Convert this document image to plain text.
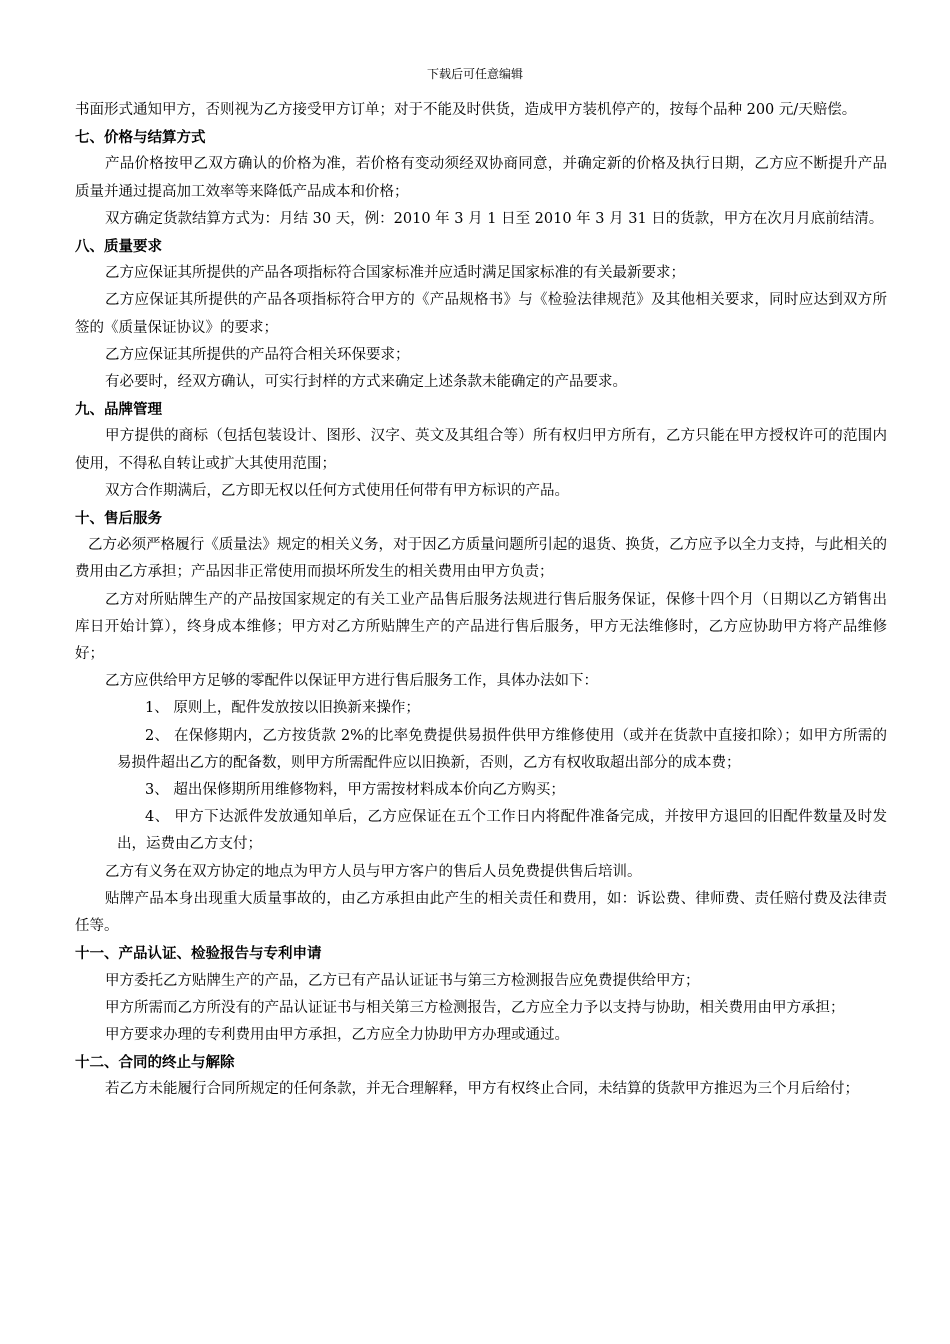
下载后可任意编辑

书面形式通知甲方，否则视为乙方接受甲方订单；对于不能及时供货，造成甲方装机停产的，按每个品种 200 元/天赔偿。

七、价格与结算方式

产品价格按甲乙双方确认的价格为准，若价格有变动须经双协商同意，并确定新的价格及执行日期，乙方应不断提升产品质量并通过提高加工效率等来降低产品成本和价格；

双方确定货款结算方式为：月结 30 天，例：2010 年 3 月 1 日至 2010 年 3 月 31 日的货款，甲方在次月月底前结清。

八、质量要求

乙方应保证其所提供的产品各项指标符合国家标准并应适时满足国家标准的有关最新要求；

乙方应保证其所提供的产品各项指标符合甲方的《产品规格书》与《检验法律规范》及其他相关要求，同时应达到双方所签的《质量保证协议》的要求；

乙方应保证其所提供的产品符合相关环保要求；

有必要时，经双方确认，可实行封样的方式来确定上述条款未能确定的产品要求。

九、品牌管理

甲方提供的商标（包括包装设计、图形、汉字、英文及其组合等）所有权归甲方所有，乙方只能在甲方授权许可的范围内使用，不得私自转让或扩大其使用范围；

双方合作期满后，乙方即无权以任何方式使用任何带有甲方标识的产品。

十、售后服务

乙方必须严格履行《质量法》规定的相关义务，对于因乙方质量问题所引起的退货、换货，乙方应予以全力支持，与此相关的费用由乙方承担；产品因非正常使用而损坏所发生的相关费用由甲方负责；

乙方对所贴牌生产的产品按国家规定的有关工业产品售后服务法规进行售后服务保证，保修十四个月（日期以乙方销售出库日开始计算），终身成本维修；甲方对乙方所贴牌生产的产品进行售后服务，甲方无法维修时，乙方应协助甲方将产品维修好；

乙方应供给甲方足够的零配件以保证甲方进行售后服务工作，具体办法如下：

1、 原则上，配件发放按以旧换新来操作；

2、 在保修期内，乙方按货款 2%的比率免费提供易损件供甲方维修使用（或并在货款中直接扣除）；如甲方所需的易损件超出乙方的配备数，则甲方所需配件应以旧换新，否则，乙方有权收取超出部分的成本费；

3、 超出保修期所用维修物料，甲方需按材料成本价向乙方购买；

4、 甲方下达派件发放通知单后，乙方应保证在五个工作日内将配件准备完成，并按甲方退回的旧配件数量及时发出，运费由乙方支付；

乙方有义务在双方协定的地点为甲方人员与甲方客户的售后人员免费提供售后培训。

贴牌产品本身出现重大质量事故的，由乙方承担由此产生的相关责任和费用，如：诉讼费、律师费、责任赔付费及法律责任等。

十一、产品认证、检验报告与专利申请

甲方委托乙方贴牌生产的产品，乙方已有产品认证证书与第三方检测报告应免费提供给甲方；

甲方所需而乙方所没有的产品认证证书与相关第三方检测报告，乙方应全力予以支持与协助，相关费用由甲方承担；

甲方要求办理的专利费用由甲方承担，乙方应全力协助甲方办理或通过。

十二、合同的终止与解除

若乙方未能履行合同所规定的任何条款，并无合理解释，甲方有权终止合同，未结算的货款甲方推迟为三个月后给付；
